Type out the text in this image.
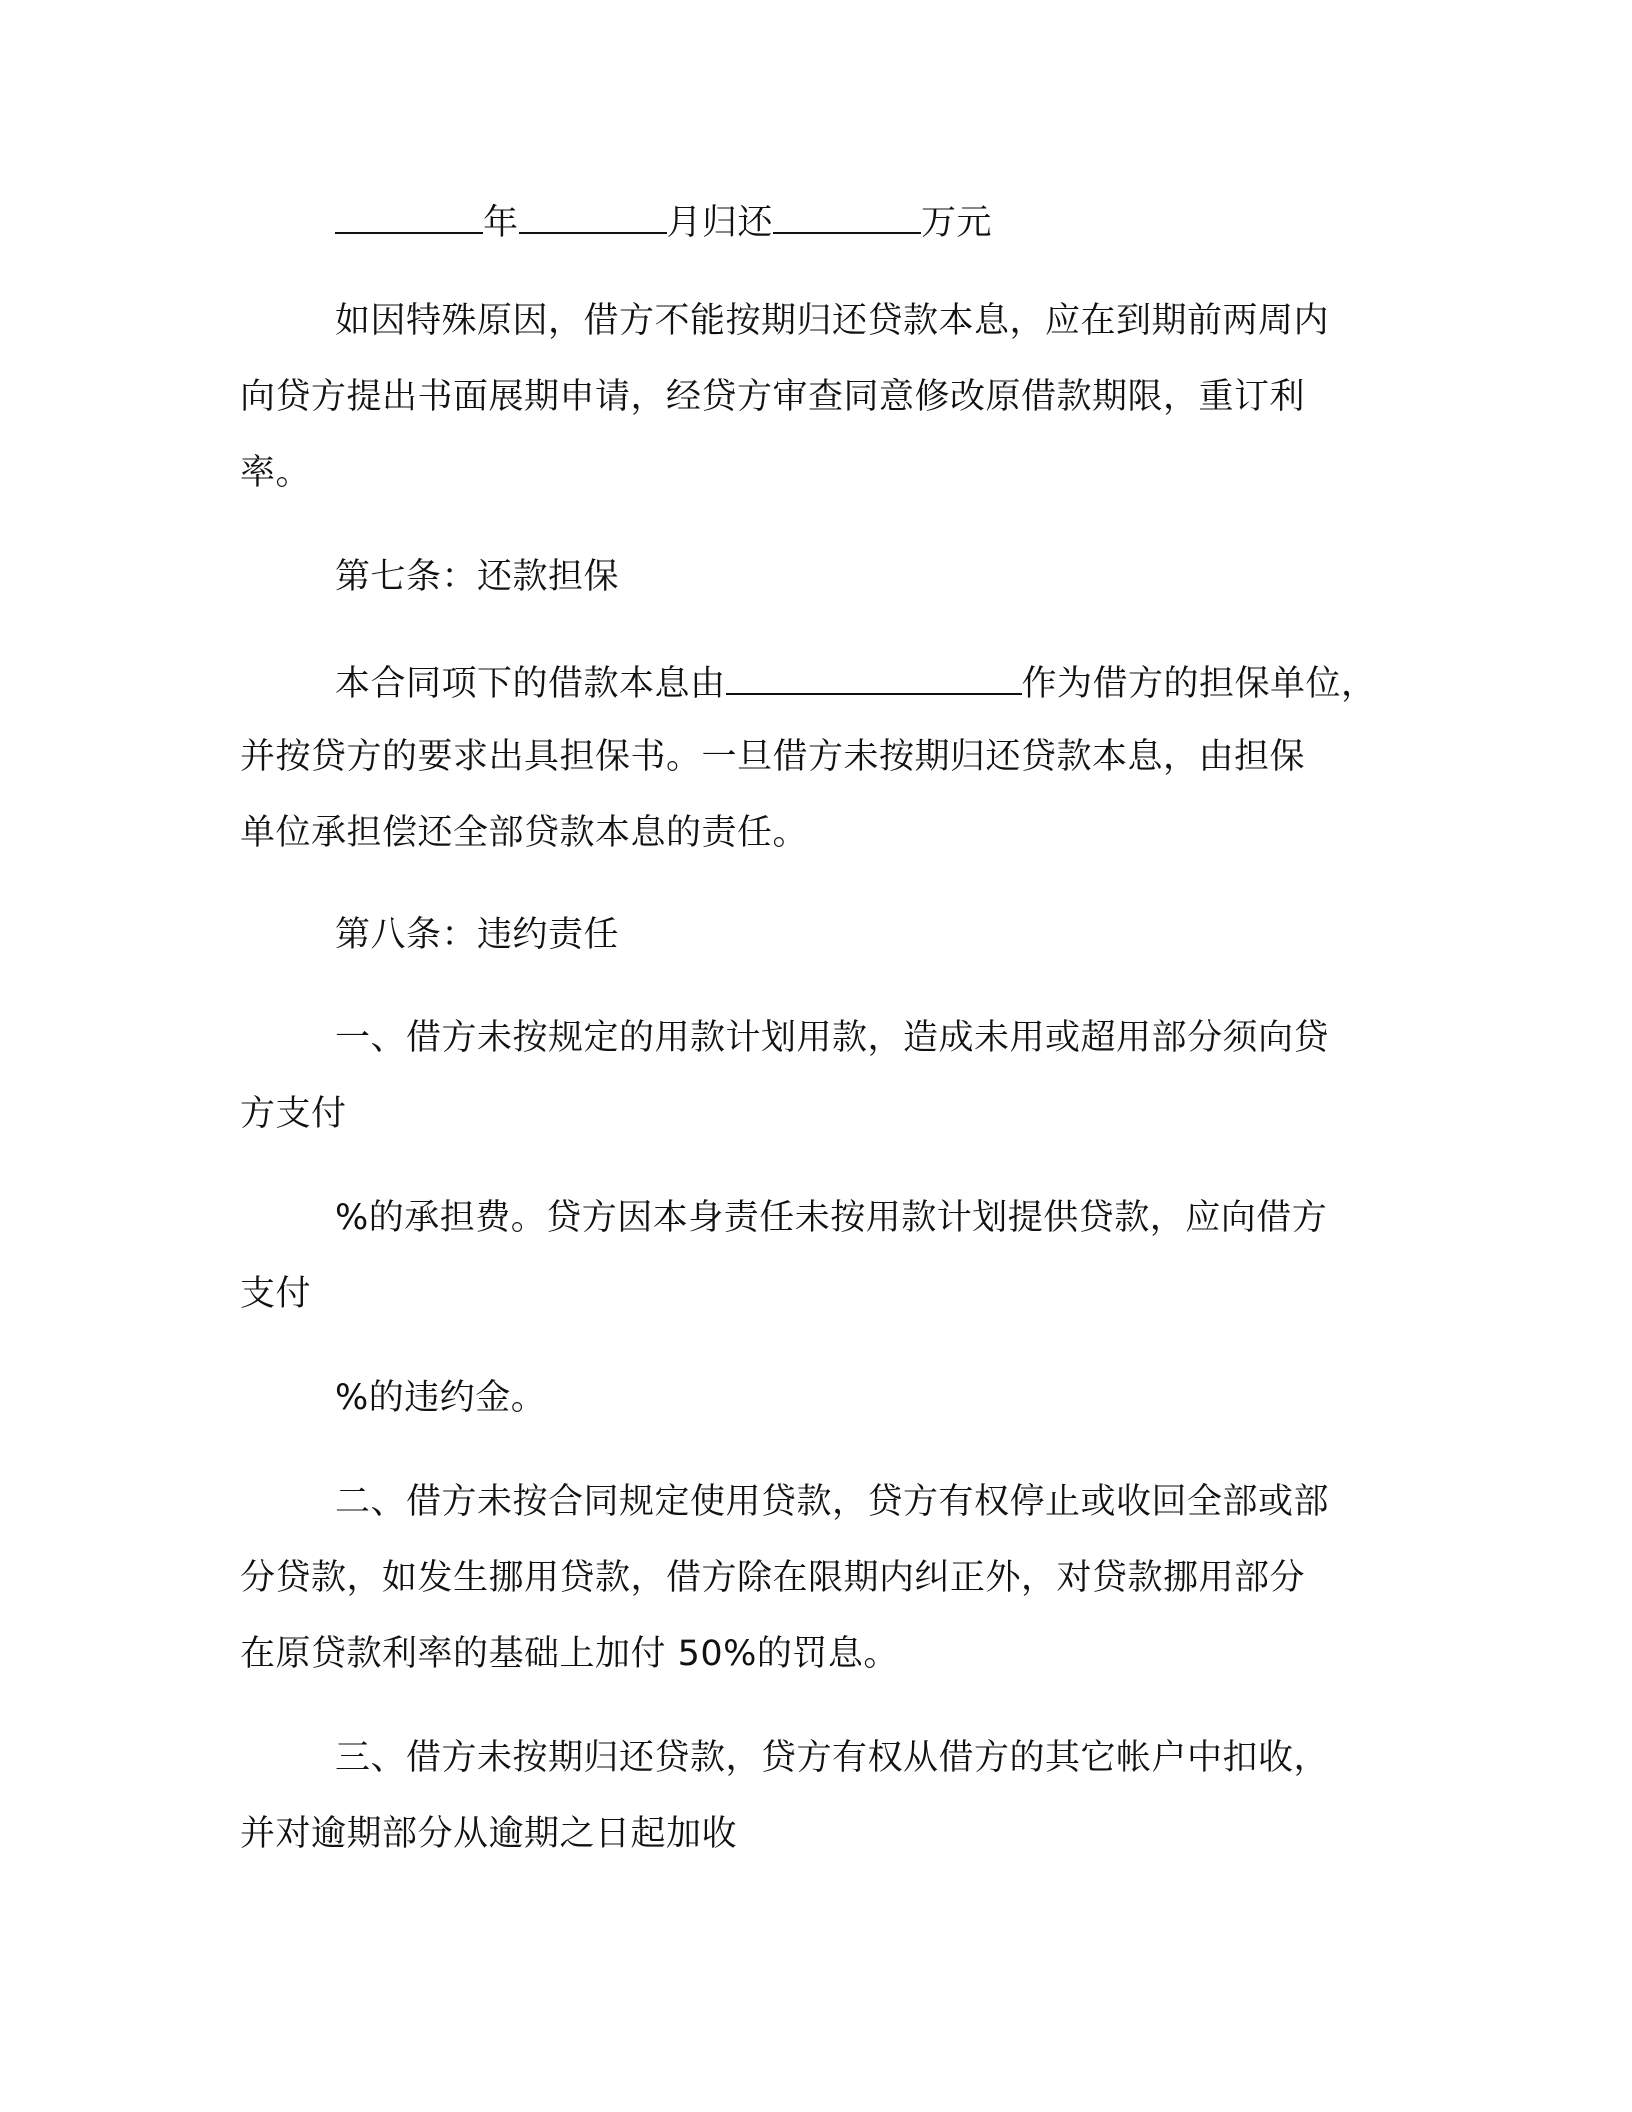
年	月归还	万元
如因特殊原因，借方不能按期归还贷款本息，应在到期前两周内
向贷方提出书面展期申请，经贷方审查同意修改原借款期限，重订利
率。
第七条：还款担保
本合同项下的借款本息由	作为借方的担保单位，
并按贷方的要求出具担保书。一旦借方未按期归还贷款本息，由担保
单位承担偿还全部贷款本息的责任。
第八条：违约责任
一、借方未按规定的用款计划用款，造成未用或超用部分须向贷
方支付
%的承担费。贷方因本身责任未按用款计划提供贷款，应向借方
支付
%的违约金。
二、借方未按合同规定使用贷款，贷方有权停止或收回全部或部
分贷款，如发生挪用贷款，借方除在限期内纠正外，对贷款挪用部分
在原贷款利率的基础上加付 50%的罚息。
三、借方未按期归还贷款，贷方有权从借方的其它帐户中扣收，
并对逾期部分从逾期之日起加收
